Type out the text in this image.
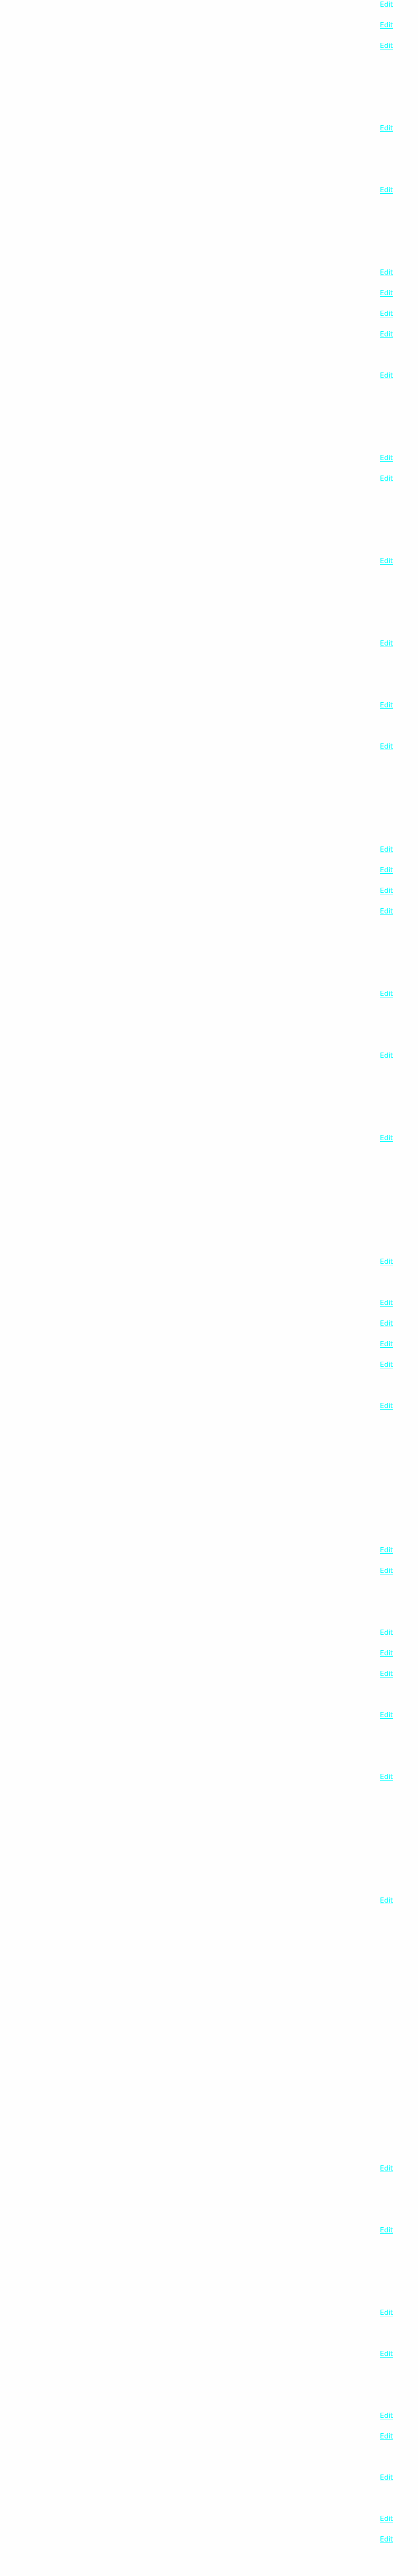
Edit
Edit
Edit
Edit
Edit
Edit
Edit
Edit
Edit
Edit
Edit
Edit
Edit
Edit
Edit
Edit
Edit
Edit
Edit
Edit
Edit
Edit
Edit
Edit
Edit
Edit
Edit
Edit
Edit
Edit
Edit
Edit
Edit
Edit
Edit
Edit
Edit
Edit
Edit
Edit
Edit
Edit
Edit
Edit
Edit
Edit
